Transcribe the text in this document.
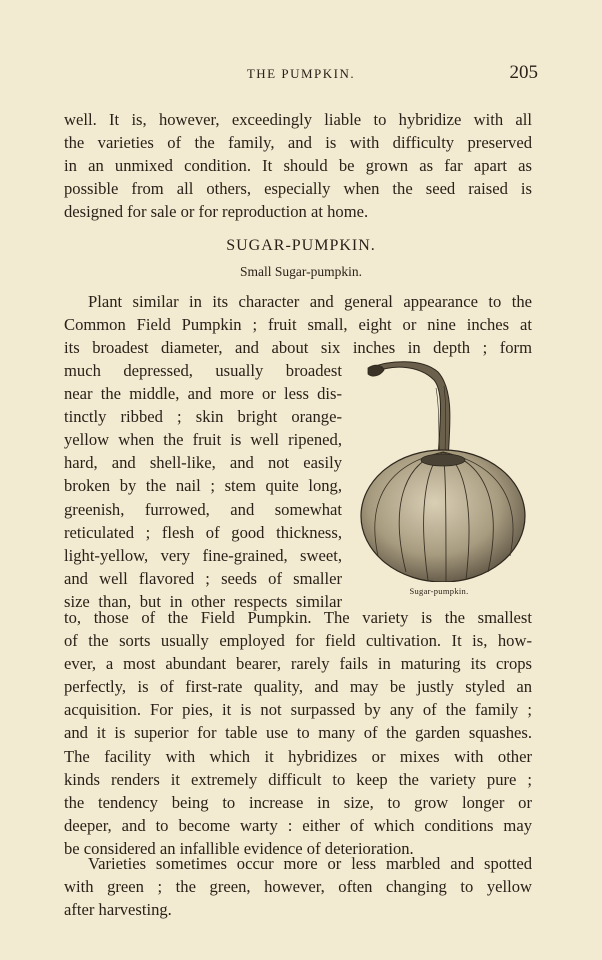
THE PUMPKIN.	205
well. It is, however, exceedingly liable to hybridize with all
the varieties of the family, and is with difficulty preserved
in an unmixed condition. It should be grown as far apart as
possible from all others, especially when the seed raised is
designed for sale or for reproduction at home.
SUGAR-PUMPKIN.
Small Sugar-pumpkin.
Plant similar in its character and general appearance to the
Common Field Pumpkin ; fruit small, eight or nine inches at
its broadest diameter, and about six inches in depth ; form
much depressed, usually broadest
near the middle, and more or less dis-
tinctly ribbed ; skin bright orange-
yellow when the fruit is well ripened,
hard, and shell-like, and not easily
broken by the nail ; stem quite long,
greenish, furrowed, and somewhat
reticulated ; flesh of good thickness,
light-yellow, very fine-grained, sweet,
and well flavored ; seeds of smaller
size than, but in other respects similar
Sugar-pumpkin.
to, those of the Field Pumpkin. The variety is the smallest
of the sorts usually employed for field cultivation. It is, how-
ever, a most abundant bearer, rarely fails in maturing its crops
perfectly, is of first-rate quality, and may be justly styled an
acquisition. For pies, it is not surpassed by any of the family ;
and it is superior for table use to many of the garden squashes.
The facility with which it hybridizes or mixes with other
kinds renders it extremely difficult to keep the variety pure ;
the tendency being to increase in size, to grow longer or
deeper, and to become warty : either of which conditions may
be considered an infallible evidence of deterioration.
Varieties sometimes occur more or less marbled and spotted
with green ; the green, however, often changing to yellow
after harvesting.
